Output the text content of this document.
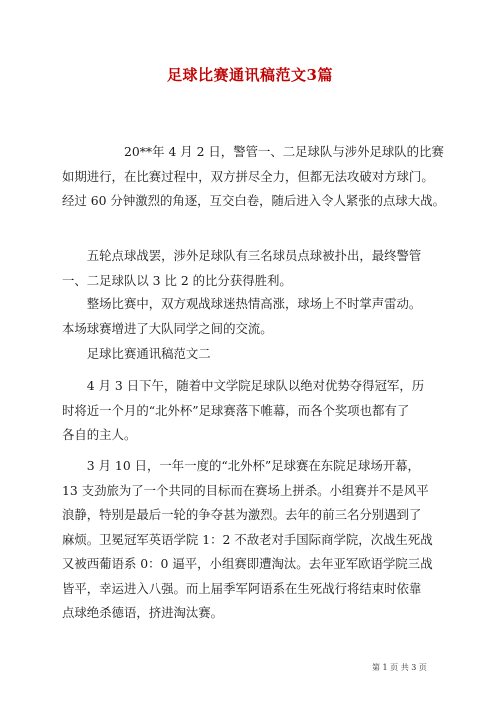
足球比赛通讯稿范文3篇
　　　　　20**年 4 月 2 日，警管一、二足球队与涉外足球队的比赛
如期进行，在比赛过程中，双方拼尽全力，但都无法攻破对方球门。
经过 60 分钟激烈的角逐，互交白卷，随后进入令人紧张的点球大战。
　　五轮点球战罢，涉外足球队有三名球员点球被扑出，最终警管
一、二足球队以 3 比 2 的比分获得胜利。
　　整场比赛中，双方观战球迷热情高涨，球场上不时掌声雷动。
本场球赛增进了大队同学之间的交流。
　　足球比赛通讯稿范文二
　　4 月 3 日下午，随着中文学院足球队以绝对优势夺得冠军，历
时将近一个月的“北外杯”足球赛落下帷幕，而各个奖项也都有了
各自的主人。
　　3 月 10 日，一年一度的“北外杯”足球赛在东院足球场开幕，
13 支劲旅为了一个共同的目标而在赛场上拼杀。小组赛并不是风平
浪静，特别是最后一轮的争夺甚为激烈。去年的前三名分别遇到了
麻烦。卫冕冠军英语学院 1：2 不敌老对手国际商学院，次战生死战
又被西葡语系 0：0 逼平，小组赛即遭淘汰。去年亚军欧语学院三战
皆平，幸运进入八强。而上届季军阿语系在生死战行将结束时依靠
点球绝杀德语，挤进淘汰赛。
第 1 页 共 3 页
